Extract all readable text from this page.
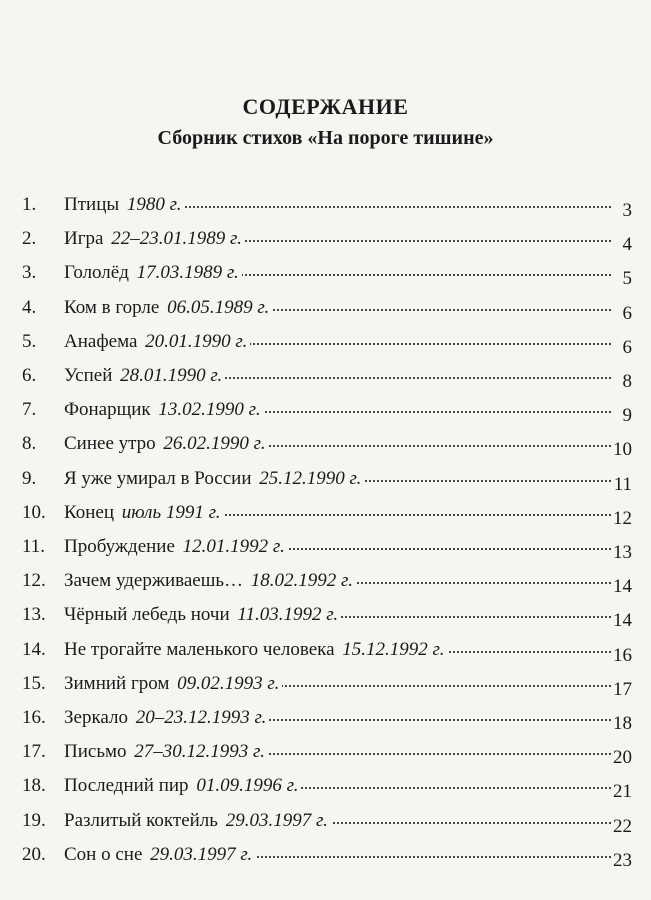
СОДЕРЖАНИЕ
Сборник стихов «На пороге тишине»
1. Птицы 1980 г.	3
2. Игра 22–23.01.1989 г.	4
3. Гололёд 17.03.1989 г.	5
4. Ком в горле 06.05.1989 г.	6
5. Анафема 20.01.1990 г.	6
6. Успей 28.01.1990 г.	8
7. Фонарщик 13.02.1990 г.	9
8. Синее утро 26.02.1990 г.	10
9. Я уже умирал в России 25.12.1990 г.	11
10. Конец июль 1991 г.	12
11. Пробуждение 12.01.1992 г.	13
12. Зачем удерживаешь… 18.02.1992 г.	14
13. Чёрный лебедь ночи 11.03.1992 г.	14
14. Не трогайте маленького человека 15.12.1992 г.	16
15. Зимний гром 09.02.1993 г.	17
16. Зеркало 20–23.12.1993 г.	18
17. Письмо 27–30.12.1993 г.	20
18. Последний пир 01.09.1996 г.	21
19. Разлитый коктейль 29.03.1997 г.	22
20. Сон о сне 29.03.1997 г.	23
